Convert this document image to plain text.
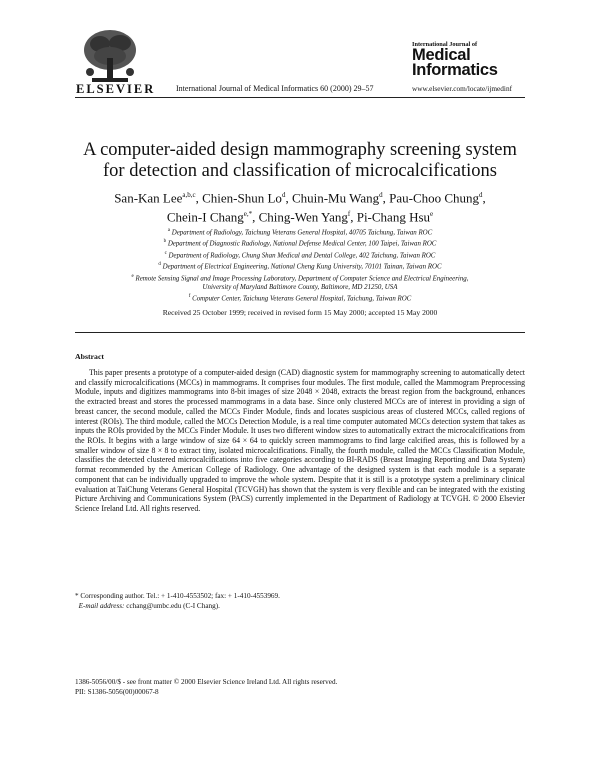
ELSEVIER	International Journal of Medical Informatics 60 (2000) 29–57
International Journal of
Medical
Informatics
www.elsevier.com/locate/ijmedinf
A computer-aided design mammography screening system
for detection and classification of microcalcifications
San-Kan Lee$^{a,b,c}$, Chien-Shun Lo$^d$, Chuin-Mu Wang$^d$, Pau-Choo Chung$^d$,
Chein-I Chang$^{e,*}$, Ching-Wen Yang$^f$, Pi-Chang Hsu$^e$
$^a$ Department of Radiology, Taichung Veterans General Hospital, 40705 Taichung, Taiwan ROC
$^b$ Department of Diagnostic Radiology, National Defense Medical Center, 100 Taipei, Taiwan ROC
$^c$ Department of Radiology, Chung Shan Medical and Dental College, 402 Taichung, Taiwan ROC
$^d$ Department of Electrical Engineering, National Cheng Kung University, 70101 Tainan, Taiwan ROC
$^e$ Remote Sensing Signal and Image Processing Laboratory, Department of Computer Science and Electrical Engineering,
University of Maryland Baltimore County, Baltimore, MD 21250, USA
$^f$ Computer Center, Taichung Veterans General Hospital, Taichung, Taiwan ROC
Received 25 October 1999; received in revised form 15 May 2000; accepted 15 May 2000
Abstract
This paper presents a prototype of a computer-aided design (CAD) diagnostic system for mammography screening to automatically detect and classify microcalcifications (MCCs) in mammograms. It comprises four modules. The first module, called the Mammogram Preprocessing Module, inputs and digitizes mammograms into 8-bit images of size 2048 × 2048, extracts the breast region from the background, enhances the extracted breast and stores the processed mammograms in a data base. Since only clustered MCCs are of interest in providing a sign of breast cancer, the second module, called the MCCs Finder Module, finds and locates suspicious areas of clustered MCCs, called regions of interest (ROIs). The third module, called the MCCs Detection Module, is a real time computer automated MCCs detection system that takes as inputs the ROIs provided by the MCCs Finder Module. It uses two different window sizes to automatically extract the microcalcifications from the ROIs. It begins with a large window of size 64 × 64 to quickly screen mammograms to find large calcified areas, this is followed by a smaller window of size 8 × 8 to extract tiny, isolated microcalcifications. Finally, the fourth module, called the MCCs Classification Module, classifies the detected clustered microcalcifications into five categories according to BI-RADS (Breast Imaging Reporting and Data System) format recommended by the American College of Radiology. One advantage of the designed system is that each module is a separate component that can be individually upgraded to improve the whole system. Despite that it is still is a prototype system a preliminary clinical evaluation at TaiChung Veterans General Hospital (TCVGH) has shown that the system is very flexible and can be integrated with the existing Picture Archiving and Communications System (PACS) currently implemented in the Department of Radiology at TCVGH. © 2000 Elsevier Science Ireland Ltd. All rights reserved.
* Corresponding author. Tel.: + 1-410-4553502; fax: + 1-410-4553969.
E-mail address: cchang@umbc.edu (C-I Chang).
1386-5056/00/$ - see front matter © 2000 Elsevier Science Ireland Ltd. All rights reserved.
PII: S1386-5056(00)00067-8
